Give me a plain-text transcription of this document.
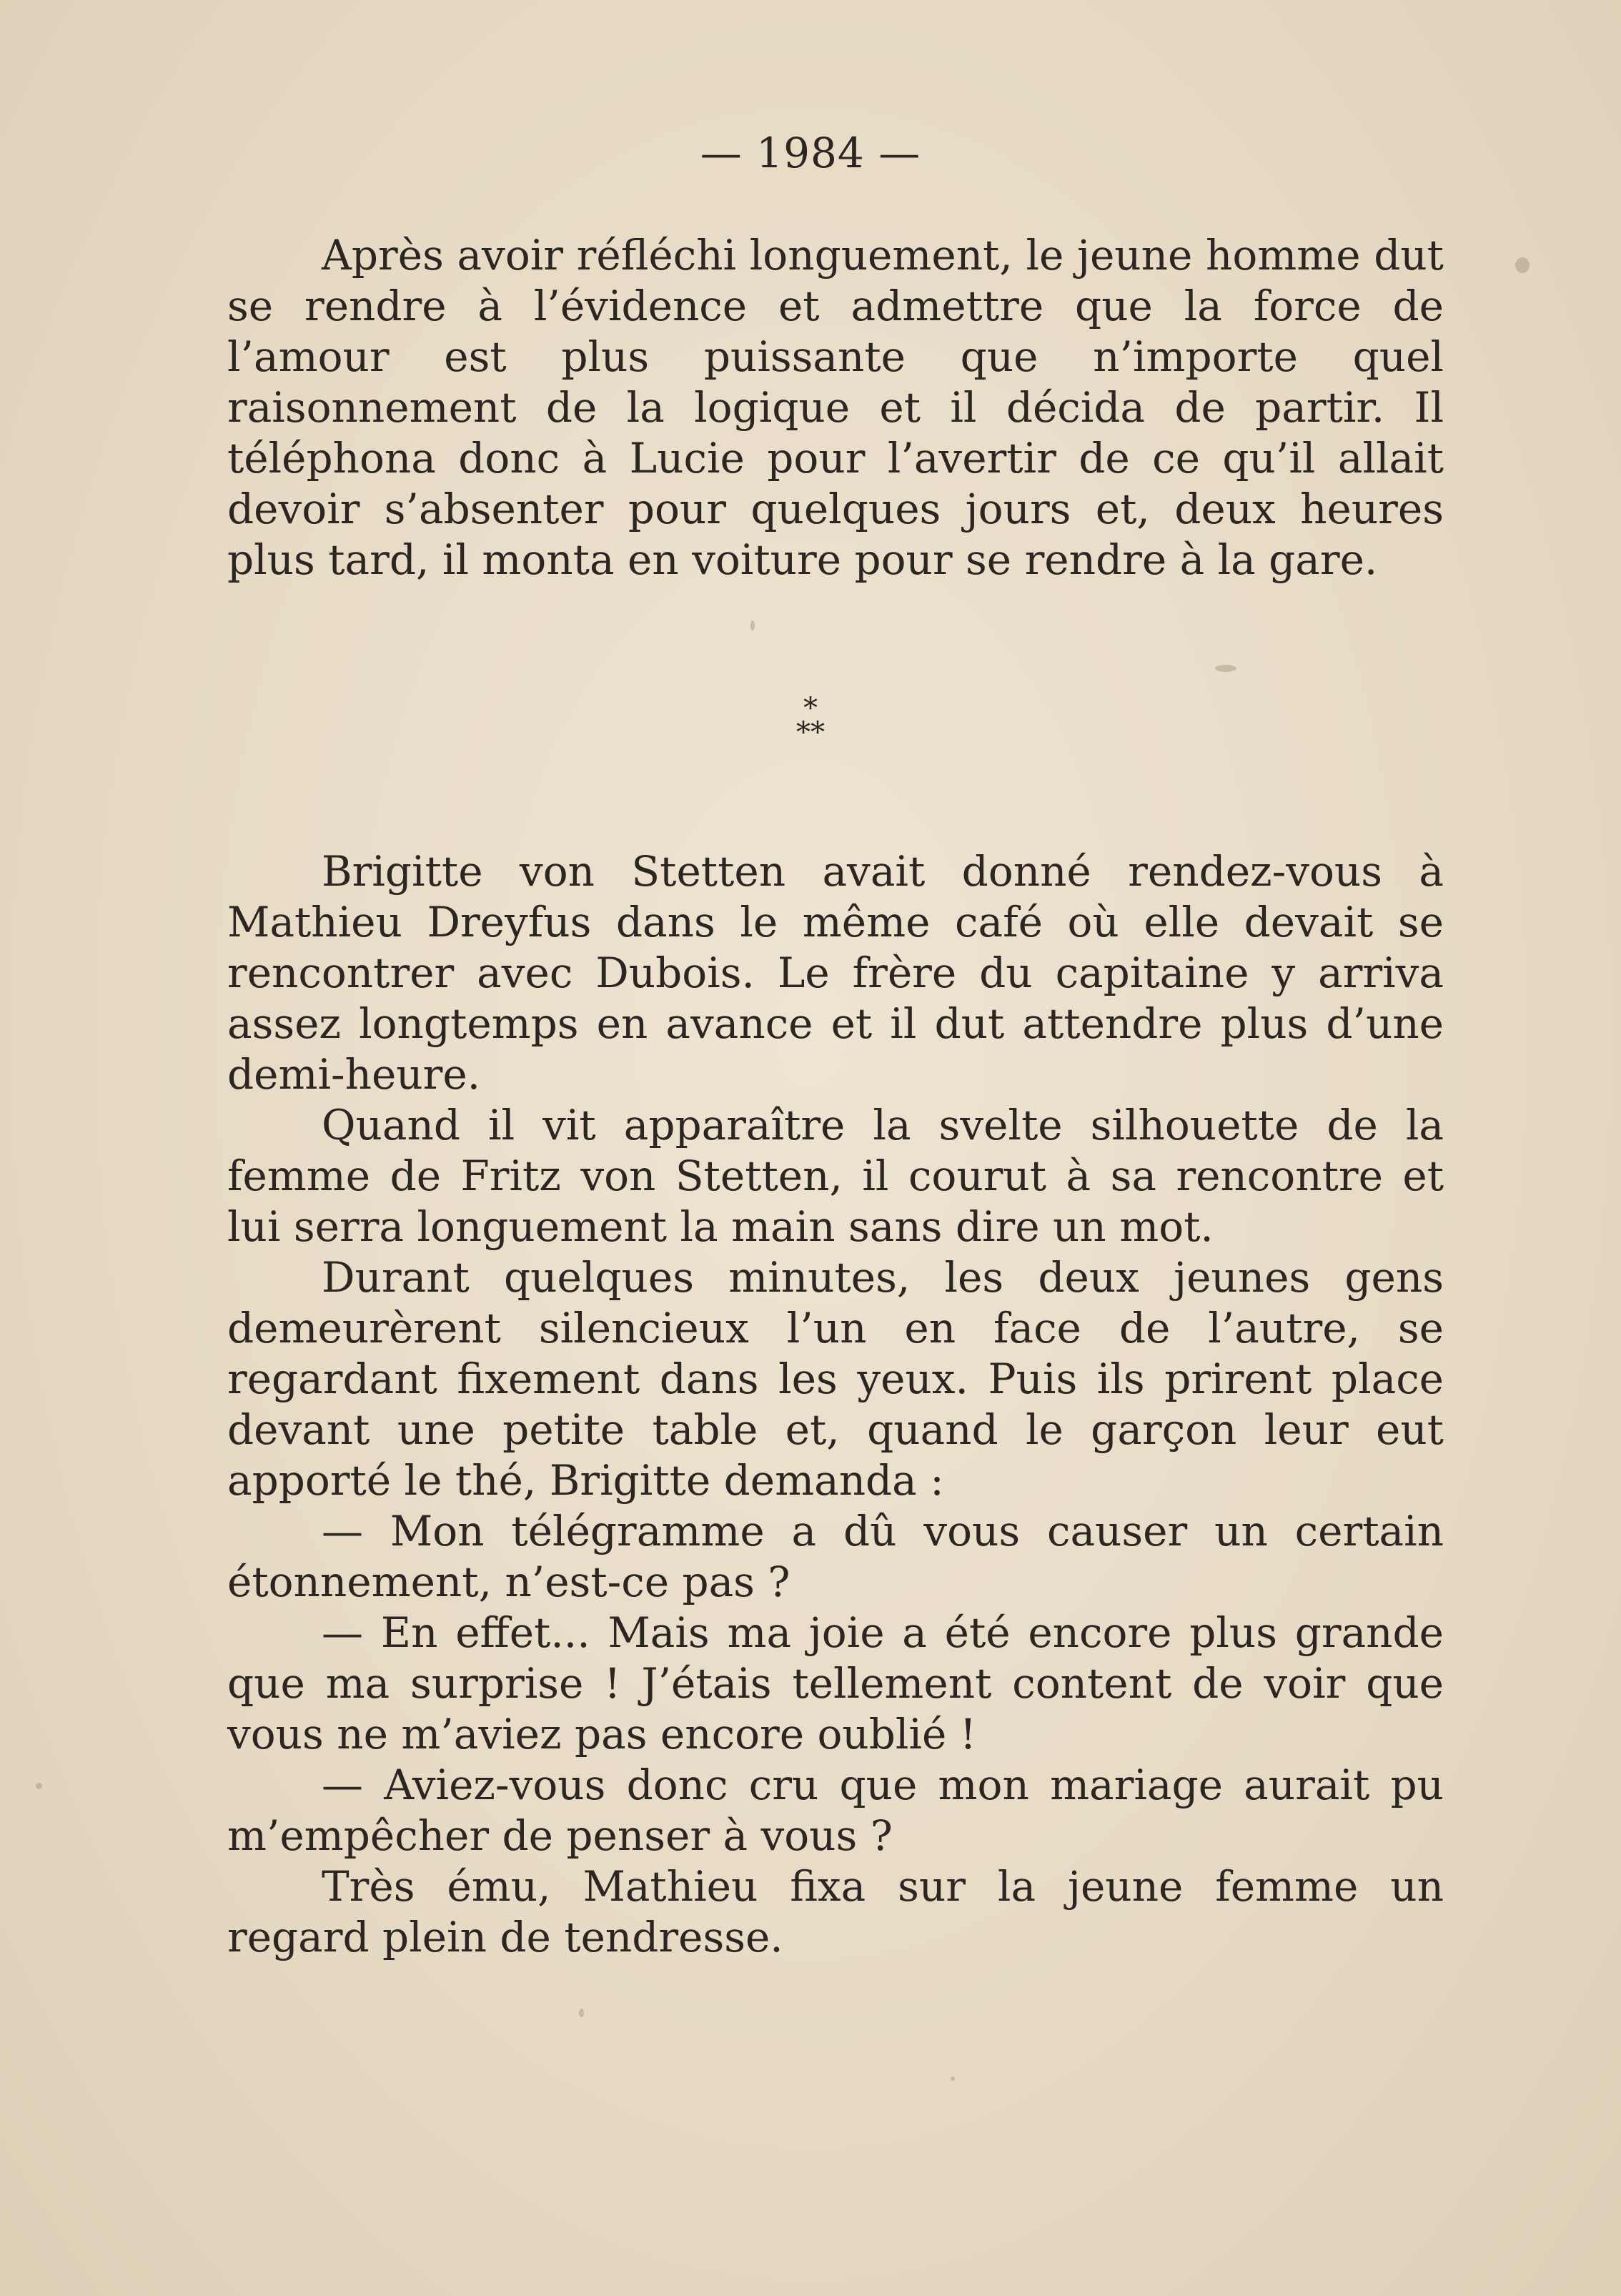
— 1984 —

Après avoir réfléchi longuement, le jeune homme dut se rendre à l’évidence et admettre que la force de l’amour est plus puissante que n’importe quel raisonnement de la logique et il décida de partir. Il téléphona donc à Lucie pour l’avertir de ce qu’il allait devoir s’absenter pour quelques jours et, deux heures plus tard, il monta en voiture pour se rendre à la gare.

*
**

Brigitte von Stetten avait donné rendez-vous à Mathieu Dreyfus dans le même café où elle devait se rencontrer avec Dubois. Le frère du capitaine y arriva assez longtemps en avance et il dut attendre plus d’une demi-heure.

Quand il vit apparaître la svelte silhouette de la femme de Fritz von Stetten, il courut à sa rencontre et lui serra longuement la main sans dire un mot.

Durant quelques minutes, les deux jeunes gens demeurèrent silencieux l’un en face de l’autre, se regardant fixement dans les yeux. Puis ils prirent place devant une petite table et, quand le garçon leur eut apporté le thé, Brigitte demanda :

— Mon télégramme a dû vous causer un certain étonnement, n’est-ce pas ?

— En effet... Mais ma joie a été encore plus grande que ma surprise ! J’étais tellement content de voir que vous ne m’aviez pas encore oublié !

— Aviez-vous donc cru que mon mariage aurait pu m’empêcher de penser à vous ?

Très ému, Mathieu fixa sur la jeune femme un regard plein de tendresse.
